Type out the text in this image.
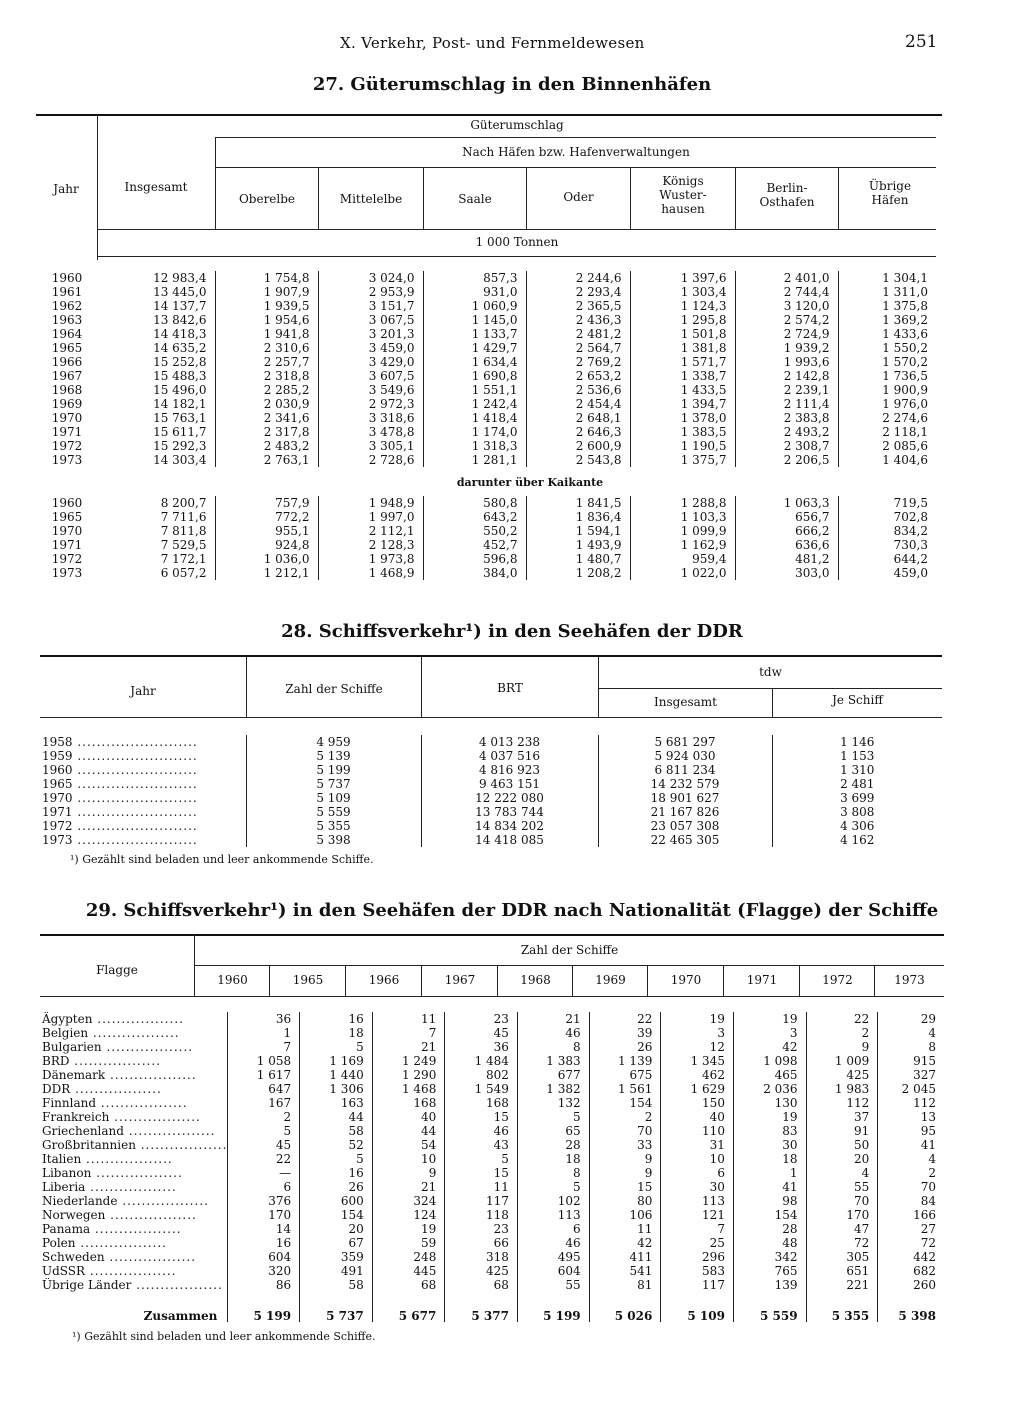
X. Verkehr, Post- und Fernmeldewesen	251
27. Güterumschlag in den Binnenhäfen
Jahr	Insgesamt
Güterumschlag
Nach Häfen bzw. Hafenverwaltungen
Oberelbe	Mittelelbe	Saale	Oder
Königs Wuster- hausen
Berlin- Osthafen
Übrige Häfen
1 000 Tonnen
1960	12 983,4	1 754,8	3 024,0	857,3	2 244,6	1 397,6	2 401,0	1 304,1
1961	13 445,0	1 907,9	2 953,9	931,0	2 293,4	1 303,4	2 744,4	1 311,0
1962	14 137,7	1 939,5	3 151,7	1 060,9	2 365,5	1 124,3	3 120,0	1 375,8
1963	13 842,6	1 954,6	3 067,5	1 145,0	2 436,3	1 295,8	2 574,2	1 369,2
1964	14 418,3	1 941,8	3 201,3	1 133,7	2 481,2	1 501,8	2 724,9	1 433,6
1965	14 635,2	2 310,6	3 459,0	1 429,7	2 564,7	1 381,8	1 939,2	1 550,2
1966	15 252,8	2 257,7	3 429,0	1 634,4	2 769,2	1 571,7	1 993,6	1 570,2
1967	15 488,3	2 318,8	3 607,5	1 690,8	2 653,2	1 338,7	2 142,8	1 736,5
1968	15 496,0	2 285,2	3 549,6	1 551,1	2 536,6	1 433,5	2 239,1	1 900,9
1969	14 182,1	2 030,9	2 972,3	1 242,4	2 454,4	1 394,7	2 111,4	1 976,0
1970	15 763,1	2 341,6	3 318,6	1 418,4	2 648,1	1 378,0	2 383,8	2 274,6
1971	15 611,7	2 317,8	3 478,8	1 174,0	2 646,3	1 383,5	2 493,2	2 118,1
1972	15 292,3	2 483,2	3 305,1	1 318,3	2 600,9	1 190,5	2 308,7	2 085,6
1973	14 303,4	2 763,1	2 728,6	1 281,1	2 543,8	1 375,7	2 206,5	1 404,6
darunter über Kaikante
1960	8 200,7	757,9	1 948,9	580,8	1 841,5	1 288,8	1 063,3	719,5
1965	7 711,6	772,2	1 997,0	643,2	1 836,4	1 103,3	656,7	702,8
1970	7 811,8	955,1	2 112,1	550,2	1 594,1	1 099,9	666,2	834,2
1971	7 529,5	924,8	2 128,3	452,7	1 493,9	1 162,9	636,6	730,3
1972	7 172,1	1 036,0	1 973,8	596,8	1 480,7	959,4	481,2	644,2
1973	6 057,2	1 212,1	1 468,9	384,0	1 208,2	1 022,0	303,0	459,0
28. Schiffsverkehr¹) in den Seehäfen der DDR
Jahr	Zahl der Schiffe	BRT
tdw
Insgesamt	Je Schiff
1958 .........................	4 959	4 013 238	5 681 297	1 146
1959 .........................	5 139	4 037 516	5 924 030	1 153
1960 .........................	5 199	4 816 923	6 811 234	1 310
1965 .........................	5 737	9 463 151	14 232 579	2 481
1970 .........................	5 109	12 222 080	18 901 627	3 699
1971 .........................	5 559	13 783 744	21 167 826	3 808
1972 .........................	5 355	14 834 202	23 057 308	4 306
1973 .........................	5 398	14 418 085	22 465 305	4 162
¹) Gezählt sind beladen und leer ankommende Schiffe.
29. Schiffsverkehr¹) in den Seehäfen der DDR nach Nationalität (Flagge) der Schiffe
Flagge
Zahl der Schiffe
1960	1965	1966	1967	1968	1969	1970	1971	1972	1973
Ägypten ..................	36	16	11	23	21	22	19	19	22	29
Belgien ..................	1	18	7	45	46	39	3	3	2	4
Bulgarien ..................	7	5	21	36	8	26	12	42	9	8
BRD ..................	1 058	1 169	1 249	1 484	1 383	1 139	1 345	1 098	1 009	915
Dänemark ..................	1 617	1 440	1 290	802	677	675	462	465	425	327
DDR ..................	647	1 306	1 468	1 549	1 382	1 561	1 629	2 036	1 983	2 045
Finnland ..................	167	163	168	168	132	154	150	130	112	112
Frankreich ..................	2	44	40	15	5	2	40	19	37	13
Griechenland ..................	5	58	44	46	65	70	110	83	91	95
Großbritannien ..................	45	52	54	43	28	33	31	30	50	41
Italien ..................	22	5	10	5	18	9	10	18	20	4
Libanon ..................	—	16	9	15	8	9	6	1	4	2
Liberia ..................	6	26	21	11	5	15	30	41	55	70
Niederlande ..................	376	600	324	117	102	80	113	98	70	84
Norwegen ..................	170	154	124	118	113	106	121	154	170	166
Panama ..................	14	20	19	23	6	11	7	28	47	27
Polen ..................	16	67	59	66	46	42	25	48	72	72
Schweden ..................	604	359	248	318	495	411	296	342	305	442
UdSSR ..................	320	491	445	425	604	541	583	765	651	682
Übrige Länder ..................	86	58	68	68	55	81	117	139	221	260
Zusammen	5 199	5 737	5 677	5 377	5 199	5 026	5 109	5 559	5 355	5 398
¹) Gezählt sind beladen und leer ankommende Schiffe.
